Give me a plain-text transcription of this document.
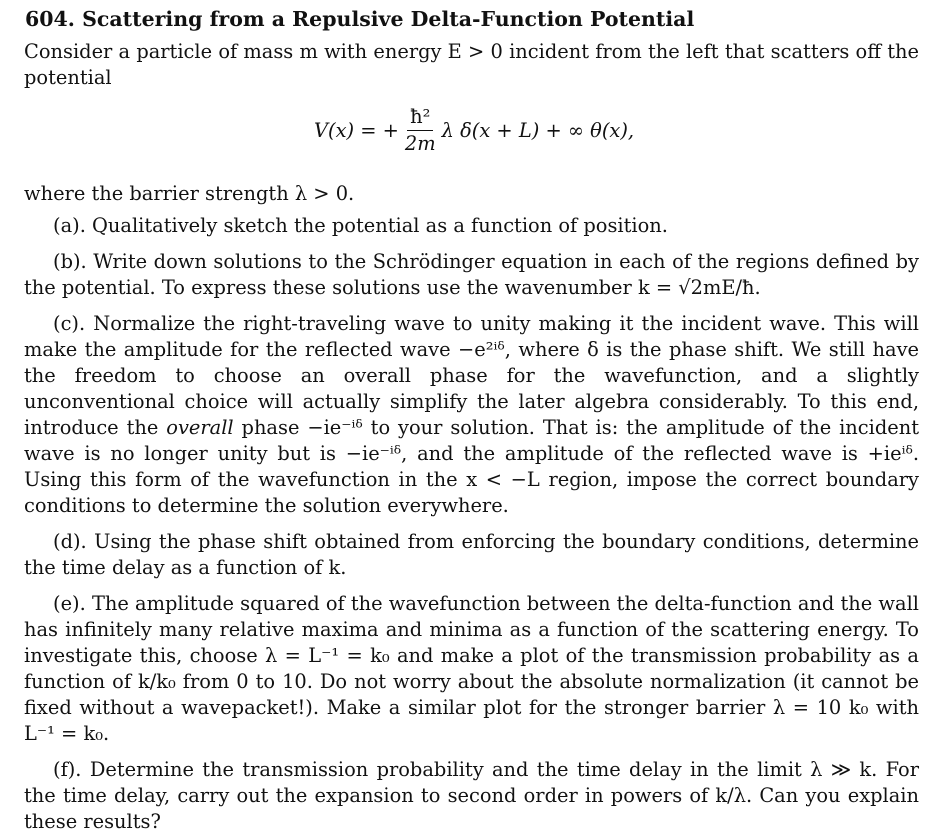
604. Scattering from a Repulsive Delta-Function Potential

Consider a particle of mass m with energy E > 0 incident from the left that scatters off the potential

V(x) = + $\frac{\text{ħ²}}{2m}$ λ δ(x + L) + ∞ θ(x),

where the barrier strength λ > 0.

(a). Qualitatively sketch the potential as a function of position.

(b). Write down solutions to the Schrödinger equation in each of the regions defined by the potential. To express these solutions use the wavenumber k = √2mE/ħ.

(c). Normalize the right-traveling wave to unity making it the incident wave. This will make the amplitude for the reflected wave −e²ⁱᵟ, where δ is the phase shift. We still have the freedom to choose an overall phase for the wavefunction, and a slightly unconventional choice will actually simplify the later algebra considerably. To this end, introduce the overall phase −ie⁻ⁱᵟ to your solution. That is: the amplitude of the incident wave is no longer unity but is −ie⁻ⁱᵟ, and the amplitude of the reflected wave is +ieⁱᵟ. Using this form of the wavefunction in the x < −L region, impose the correct boundary conditions to determine the solution everywhere.

(d). Using the phase shift obtained from enforcing the boundary conditions, determine the time delay as a function of k.

(e). The amplitude squared of the wavefunction between the delta-function and the wall has infinitely many relative maxima and minima as a function of the scattering energy. To investigate this, choose λ = L⁻¹ = k₀ and make a plot of the transmission probability as a function of k/k₀ from 0 to 10. Do not worry about the absolute normalization (it cannot be fixed without a wavepacket!). Make a similar plot for the stronger barrier λ = 10 k₀ with L⁻¹ = k₀.

(f). Determine the transmission probability and the time delay in the limit λ ≫ k. For the time delay, carry out the expansion to second order in powers of k/λ. Can you explain these results?
